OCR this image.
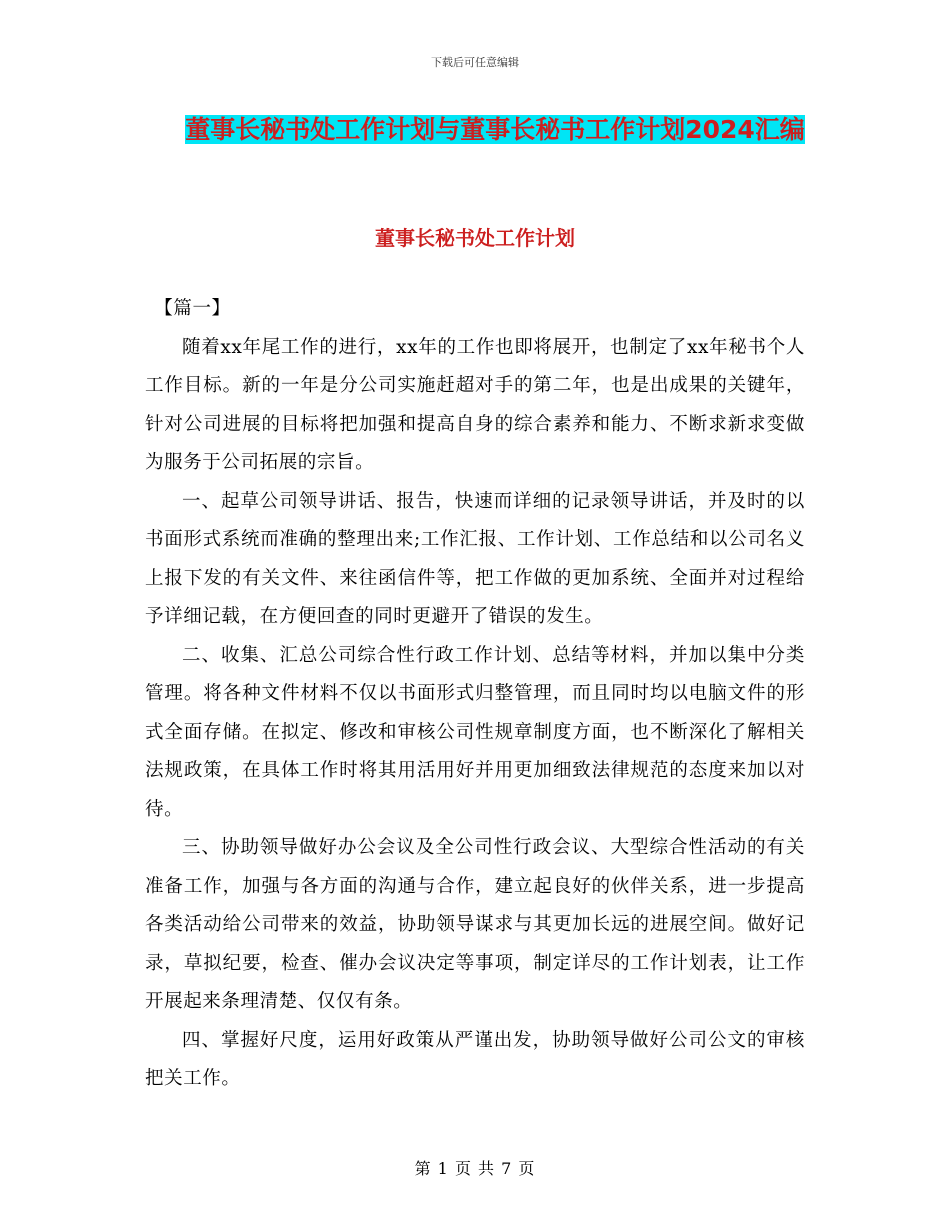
下载后可任意编辑
董事长秘书处工作计划与董事长秘书工作计划2024汇编
董事长秘书处工作计划

【篇一】

随着xx年尾工作的进行，xx年的工作也即将展开，也制定了xx年秘书个人工作目标。新的一年是分公司实施赶超对手的第二年，也是出成果的关键年，针对公司进展的目标将把加强和提高自身的综合素养和能力、不断求新求变做为服务于公司拓展的宗旨。

一、起草公司领导讲话、报告，快速而详细的记录领导讲话，并及时的以书面形式系统而准确的整理出来;工作汇报、工作计划、工作总结和以公司名义上报下发的有关文件、来往函信件等，把工作做的更加系统、全面并对过程给予详细记载，在方便回查的同时更避开了错误的发生。

二、收集、汇总公司综合性行政工作计划、总结等材料，并加以集中分类管理。将各种文件材料不仅以书面形式归整管理，而且同时均以电脑文件的形式全面存储。在拟定、修改和审核公司性规章制度方面，也不断深化了解相关法规政策，在具体工作时将其用活用好并用更加细致法律规范的态度来加以对待。

三、协助领导做好办公会议及全公司性行政会议、大型综合性活动的有关准备工作，加强与各方面的沟通与合作，建立起良好的伙伴关系，进一步提高各类活动给公司带来的效益，协助领导谋求与其更加长远的进展空间。做好记录，草拟纪要，检查、催办会议决定等事项，制定详尽的工作计划表，让工作开展起来条理清楚、仅仅有条。

四、掌握好尺度，运用好政策从严谨出发，协助领导做好公司公文的审核把关工作。

第 1 页 共 7 页
